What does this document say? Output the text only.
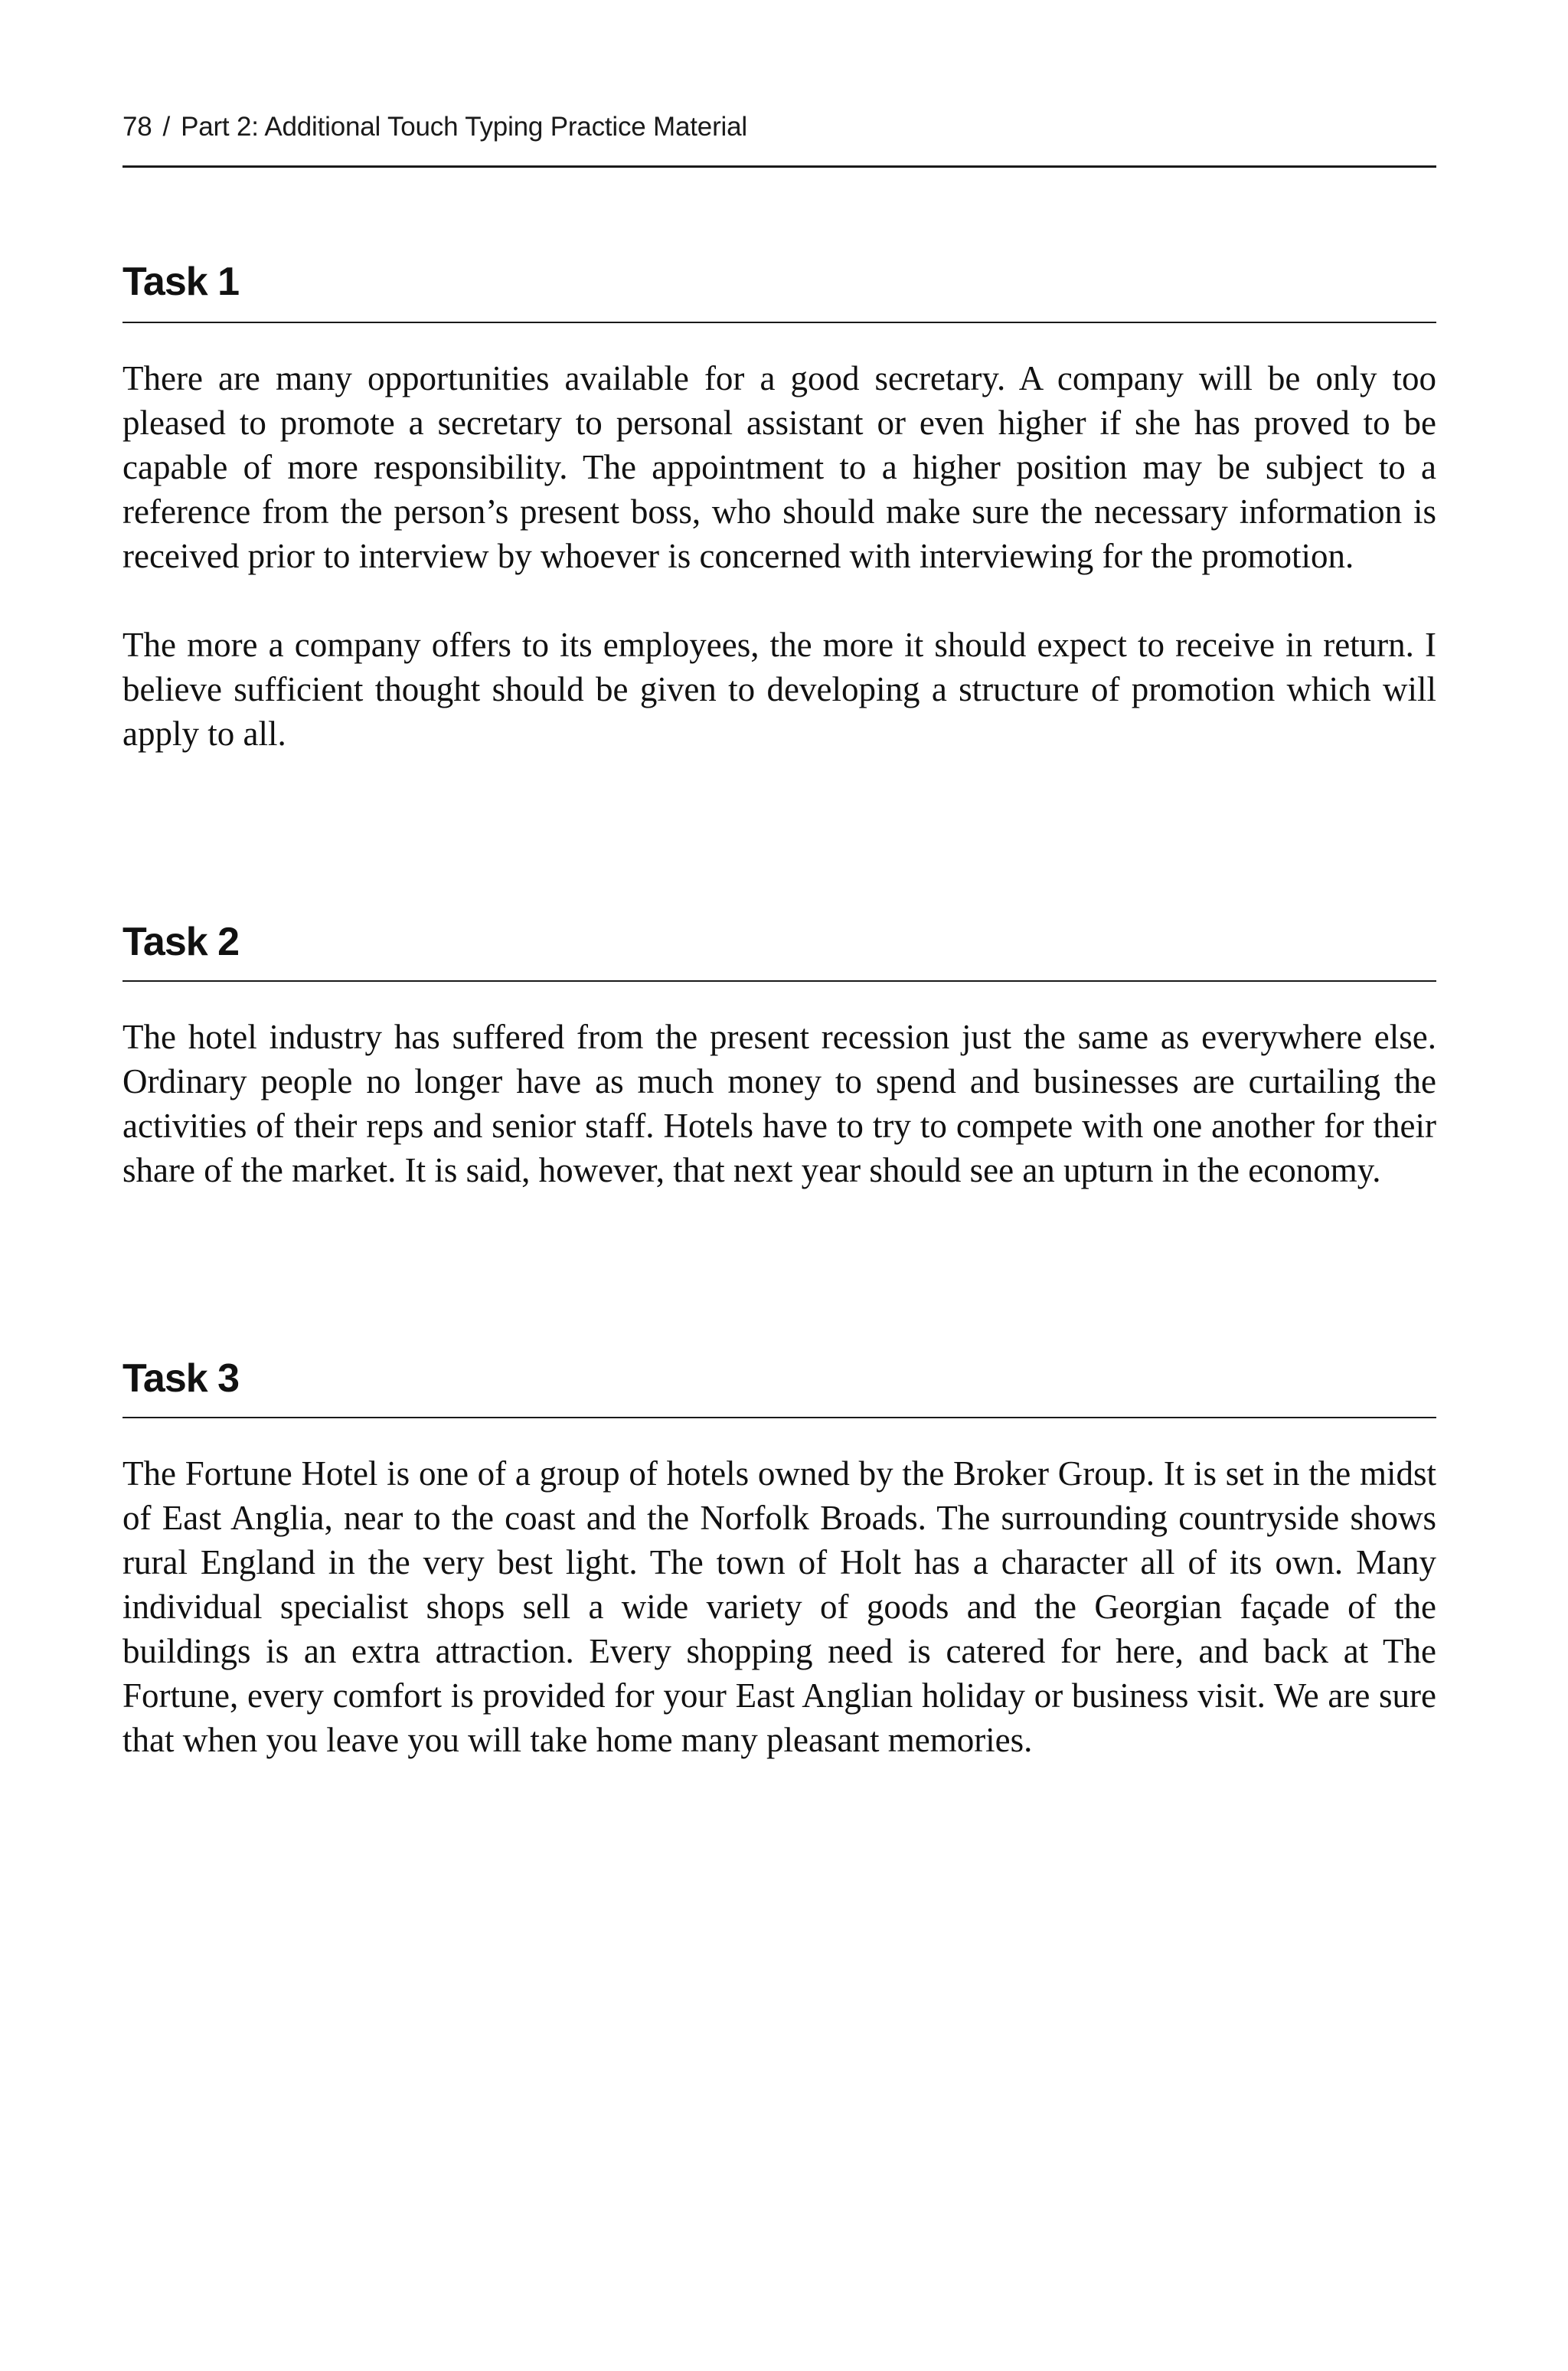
78 / Part 2: Additional Touch Typing Practice Material
Task 1

There are many opportunities available for a good secretary. A company will be only too pleased to promote a secretary to personal assistant or even higher if she has proved to be capable of more responsibility. The appointment to a higher position may be subject to a reference from the person’s present boss, who should make sure the necessary information is received prior to interview by whoever is concerned with interviewing for the promotion.

The more a company offers to its employees, the more it should expect to receive in return. I believe sufficient thought should be given to developing a structure of promotion which will apply to all.

Task 2

The hotel industry has suffered from the present recession just the same as everywhere else. Ordinary people no longer have as much money to spend and businesses are curtailing the activities of their reps and senior staff. Hotels have to try to compete with one another for their share of the market. It is said, however, that next year should see an upturn in the economy.

Task 3

The Fortune Hotel is one of a group of hotels owned by the Broker Group. It is set in the midst of East Anglia, near to the coast and the Norfolk Broads. The surrounding countryside shows rural England in the very best light. The town of Holt has a character all of its own. Many individual specialist shops sell a wide variety of goods and the Georgian façade of the buildings is an extra attraction. Every shopping need is catered for here, and back at The Fortune, every comfort is provided for your East Anglian holiday or business visit. We are sure that when you leave you will take home many pleasant memories.
